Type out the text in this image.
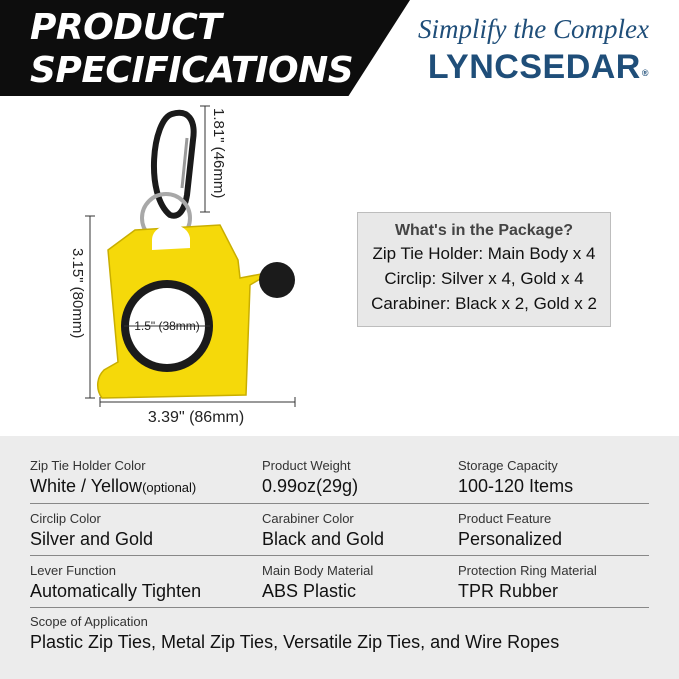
PRODUCT
SPECIFICATIONS
Simplify the Complex
LYNCSEDAR®
1.81" (46mm)
3.15" (80mm)	1.5" (38mm)
3.39" (86mm)
What's in the Package?
Zip Tie Holder: Main Body x 4
Circlip: Silver x 4, Gold x 4
Carabiner: Black x 2, Gold x 2
Zip Tie Holder Color
White / Yellow(optional)
Product Weight
0.99oz(29g)
Storage Capacity
100-120 Items
Circlip Color
Silver and Gold
Carabiner Color
Black and Gold
Product Feature
Personalized
Lever Function
Automatically Tighten
Main Body Material
ABS Plastic
Protection Ring Material
TPR Rubber
Scope of Application
Plastic Zip Ties, Metal Zip Ties, Versatile Zip Ties, and Wire Ropes
